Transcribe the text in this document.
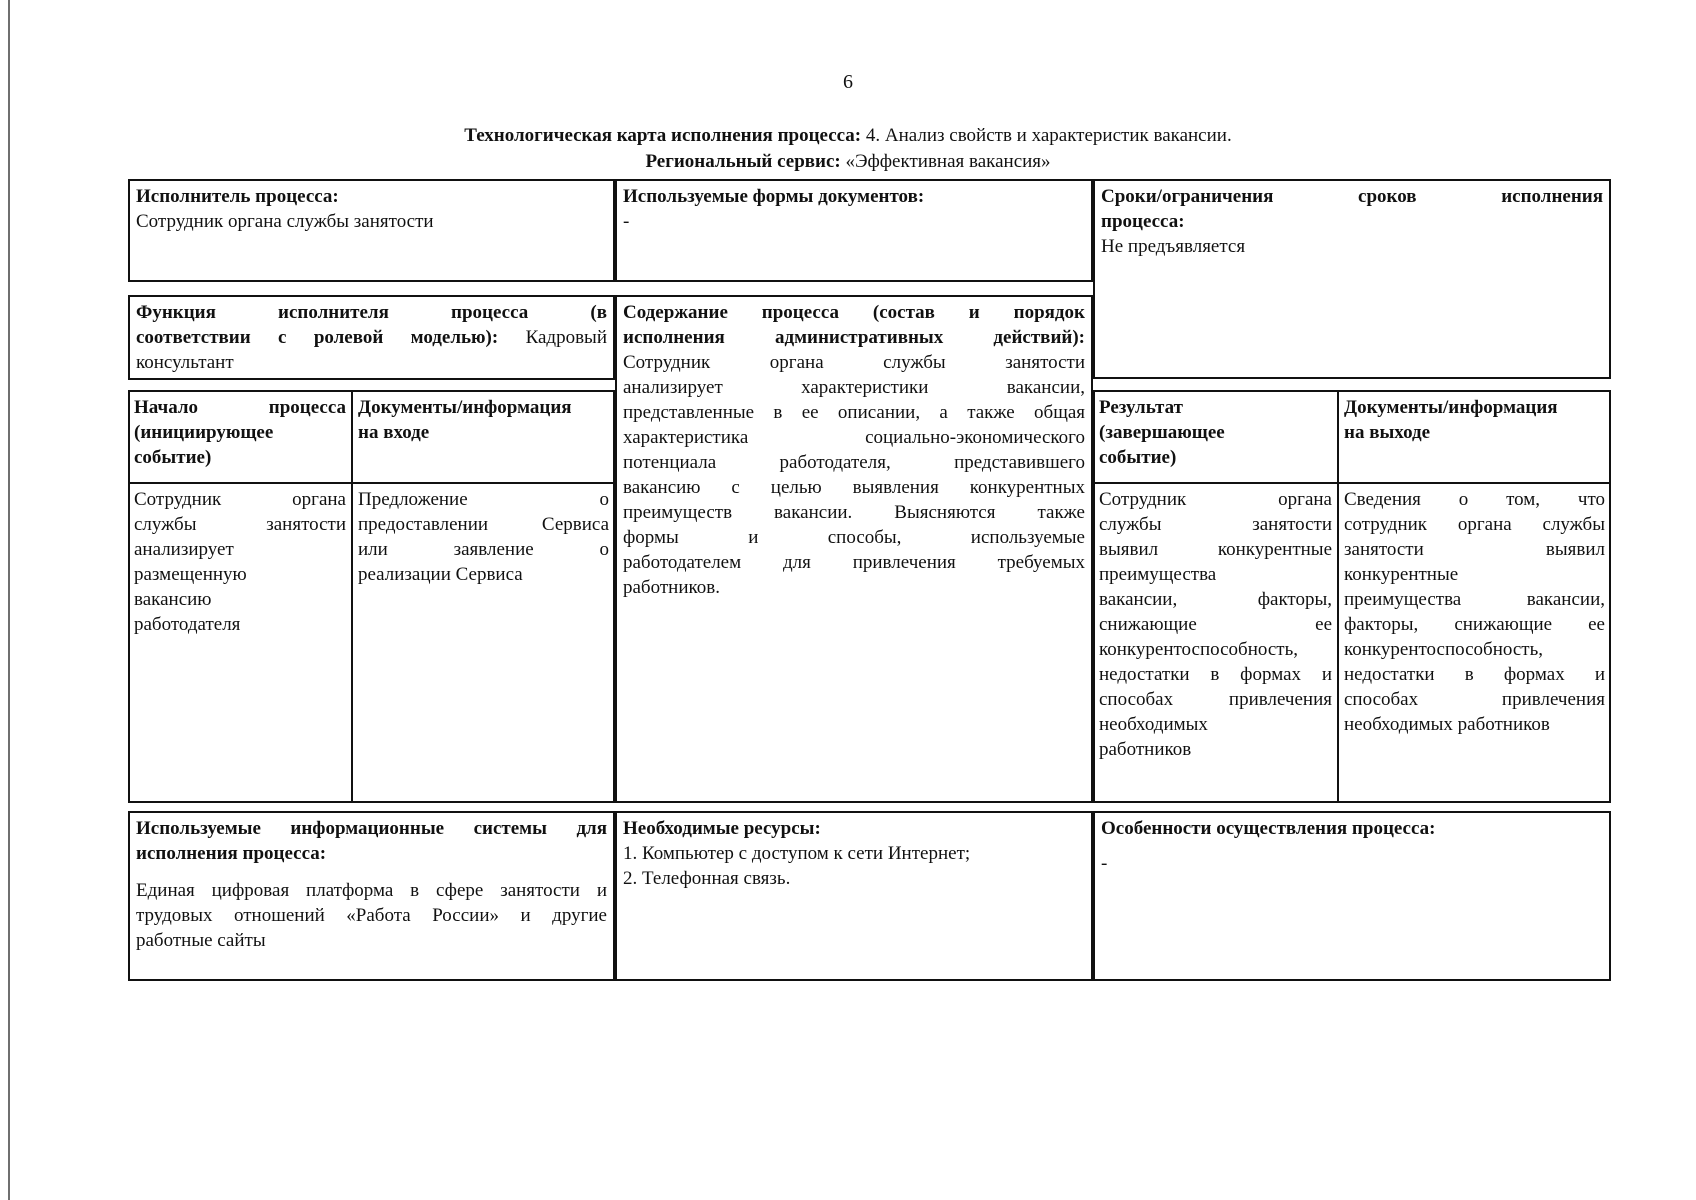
6
Технологическая карта исполнения процесса: 4. Анализ свойств и характеристик вакансии.
Региональный сервис: «Эффективная вакансия»
Исполнитель процесса:
Сотрудник органа службы занятости
Используемые формы документов:
-
Сроки/ограничения сроков исполнения
процесса:
Не предъявляется
Функция исполнителя процесса (в
соответствии с ролевой моделью): Кадровый
консультант
Содержание процесса (состав и порядок
исполнения административных действий):
Сотрудник органа службы занятости
анализирует характеристики вакансии,
представленные в ее описании, а также общая
характеристика социально-экономического
потенциала работодателя, представившего
вакансию с целью выявления конкурентных
преимуществ вакансии. Выясняются также
формы и способы, используемые
работодателем для привлечения требуемых
работников.
Начало процесса
(инициирующее
событие)
Документы/информация
на входе
Сотрудник органа
службы занятости
анализирует
размещенную
вакансию
работодателя
Предложение о
предоставлении Сервиса
или заявление о
реализации Сервиса
Результат
(завершающее
событие)
Документы/информация
на выходе
Сотрудник органа
службы занятости
выявил конкурентные
преимущества
вакансии, факторы,
снижающие ее
конкурентоспособность,
недостатки в формах и
способах привлечения
необходимых
работников
Сведения о том, что
сотрудник органа службы
занятости выявил
конкурентные
преимущества вакансии,
факторы, снижающие ее
конкурентоспособность,
недостатки в формах и
способах привлечения
необходимых работников
Используемые информационные системы для
исполнения процесса:
Единая цифровая платформа в сфере занятости и
трудовых отношений «Работа России» и другие
работные сайты
Необходимые ресурсы:
1. Компьютер с доступом к сети Интернет;
2. Телефонная связь.
Особенности осуществления процесса:
-
